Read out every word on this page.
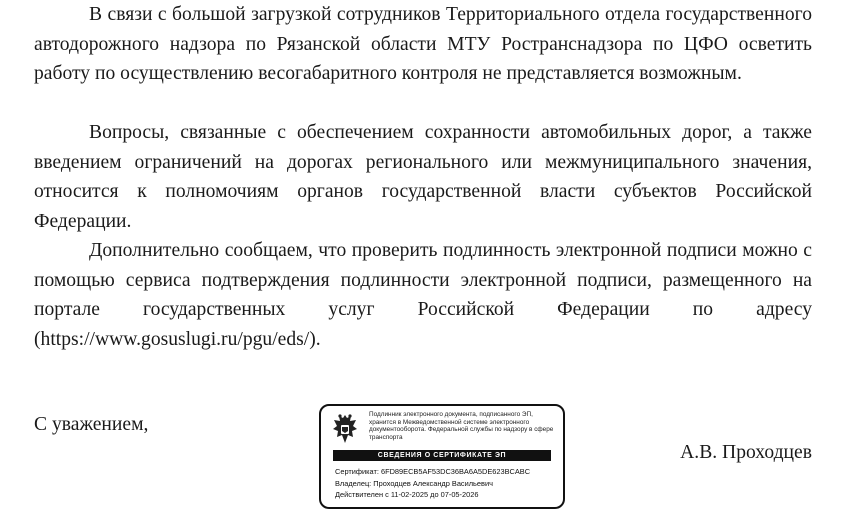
В связи с большой загрузкой сотрудников Территориального отдела государственного автодорожного надзора по Рязанской области МТУ Ространснадзора по ЦФО осветить работу по осуществлению весогабаритного контроля не представляется возможным.

Вопросы, связанные с обеспечением сохранности автомобильных дорог, а также введением ограничений на дорогах регионального или межмуниципального значения, относится к полномочиям органов государственной власти субъектов Российской Федерации.

Дополнительно сообщаем, что проверить подлинность электронной подписи можно с помощью сервиса подтверждения подлинности электронной подписи, размещенного на портале государственных услуг Российской Федерации по адресу (https://www.gosuslugi.ru/pgu/eds/).

С уважением,	Подлинник электронного документа, подписанного ЭП, хранится в Межведомственной системе электронного документооборота. Федеральной службы по надзору в сфере транспорта
СВЕДЕНИЯ О СЕРТИФИКАТЕ ЭП
Сертификат: 6FD89ECB5AF53DC36BA6A5DE623BCABC
Владелец: Проходцев Александр Васильевич
Действителен с 11-02-2025 до 07-05-2026
А.В. Проходцев
